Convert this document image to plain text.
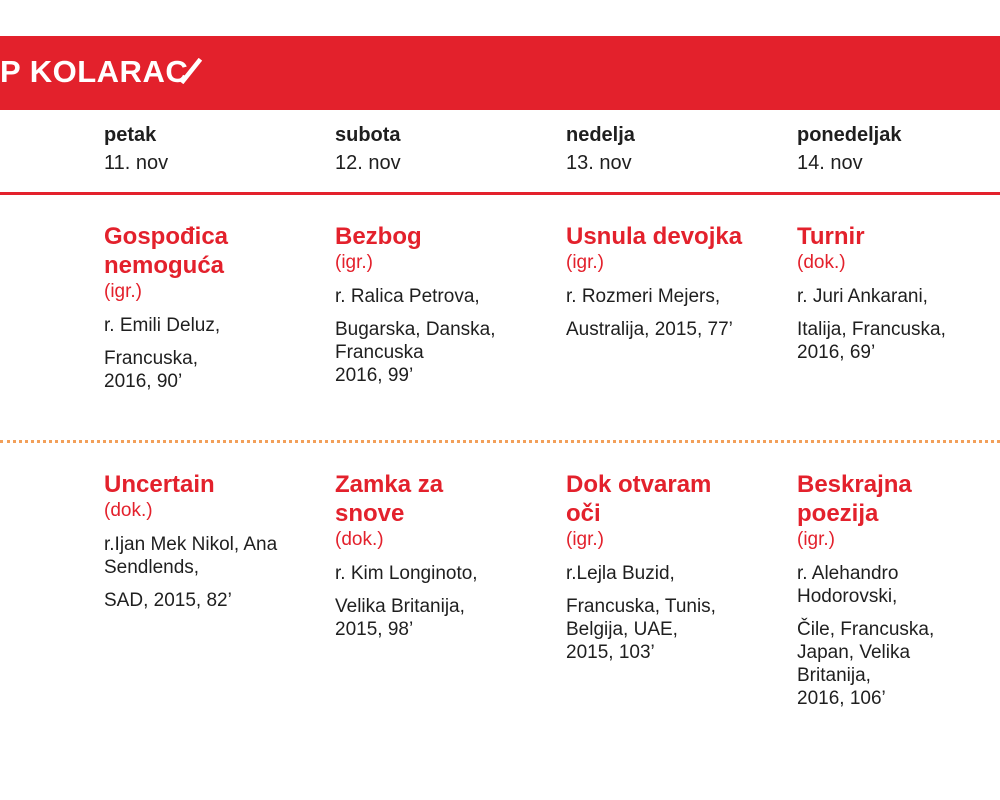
P KOLARAC
petak
11. nov
subota
12. nov
nedelja
13. nov
ponedeljak
14. nov
Gospođica nemoguća
(igr.)
r. Emili Deluz,
Francuska,
2016, 90’
Bezbog
(igr.)
r. Ralica Petrova,
Bugarska, Danska,
Francuska
2016, 99’
Usnula devojka
(igr.)
r. Rozmeri Mejers,
Australija, 2015, 77’
Turnir
(dok.)
r. Juri Ankarani,
Italija, Francuska,
2016, 69’
Uncertain
(dok.)
r.Ijan Mek Nikol, Ana
Sendlends,
SAD, 2015, 82’
Zamka za
snove
(dok.)
r. Kim Longinoto,
Velika Britanija,
2015, 98’
Dok otvaram
oči
(igr.)
r.Lejla Buzid,
Francuska, Tunis,
Belgija, UAE,
2015, 103’
Beskrajna
poezija
(igr.)
r. Alehandro
Hodorovski,
Čile, Francuska,
Japan, Velika
Britanija,
2016, 106’
